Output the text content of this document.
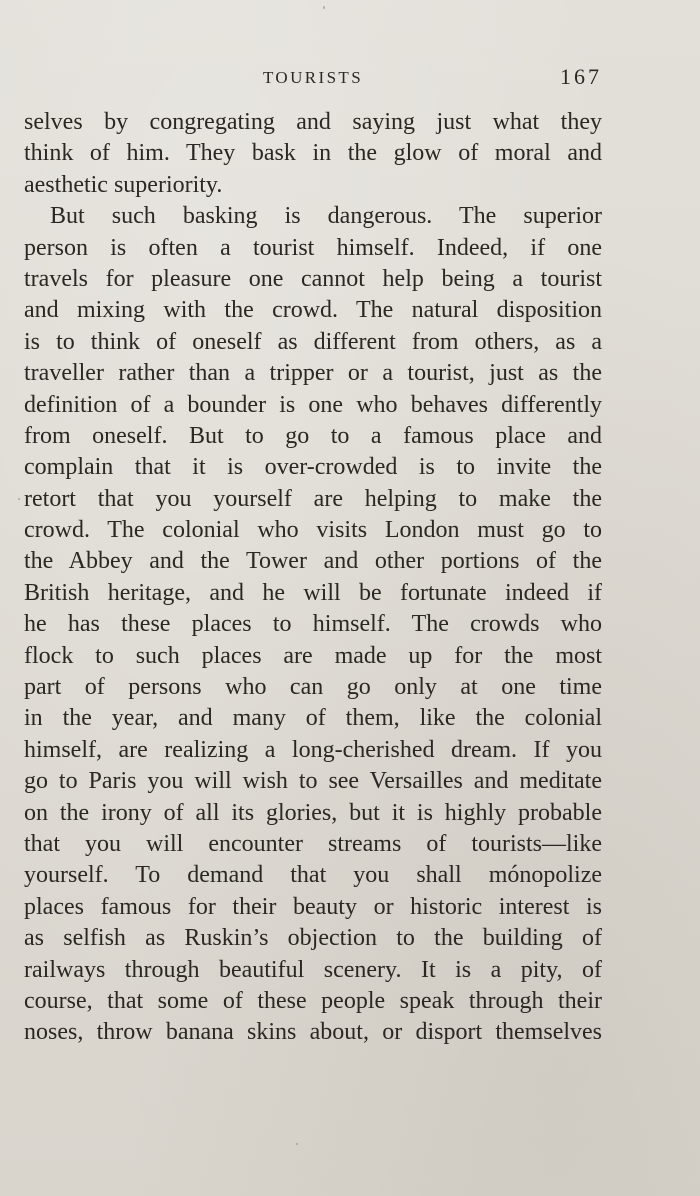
TOURISTS	167
selves by congregating and saying just what they
think of him. They bask in the glow of moral and
aesthetic superiority.
But such basking is dangerous. The superior
person is often a tourist himself. Indeed, if one
travels for pleasure one cannot help being a tourist
and mixing with the crowd. The natural disposition
is to think of oneself as different from others, as a
traveller rather than a tripper or a tourist, just as the
definition of a bounder is one who behaves differently
from oneself. But to go to a famous place and
complain that it is over-crowded is to invite the
retort that you yourself are helping to make the
crowd. The colonial who visits London must go to
the Abbey and the Tower and other portions of the
British heritage, and he will be fortunate indeed if
he has these places to himself. The crowds who
flock to such places are made up for the most
part of persons who can go only at one time
in the year, and many of them, like the colonial
himself, are realizing a long-cherished dream. If you
go to Paris you will wish to see Versailles and meditate
on the irony of all its glories, but it is highly probable
that you will encounter streams of tourists—like
yourself. To demand that you shall mónopolize
places famous for their beauty or historic interest is
as selfish as Ruskin’s objection to the building of
railways through beautiful scenery. It is a pity, of
course, that some of these people speak through their
noses, throw banana skins about, or disport themselves
